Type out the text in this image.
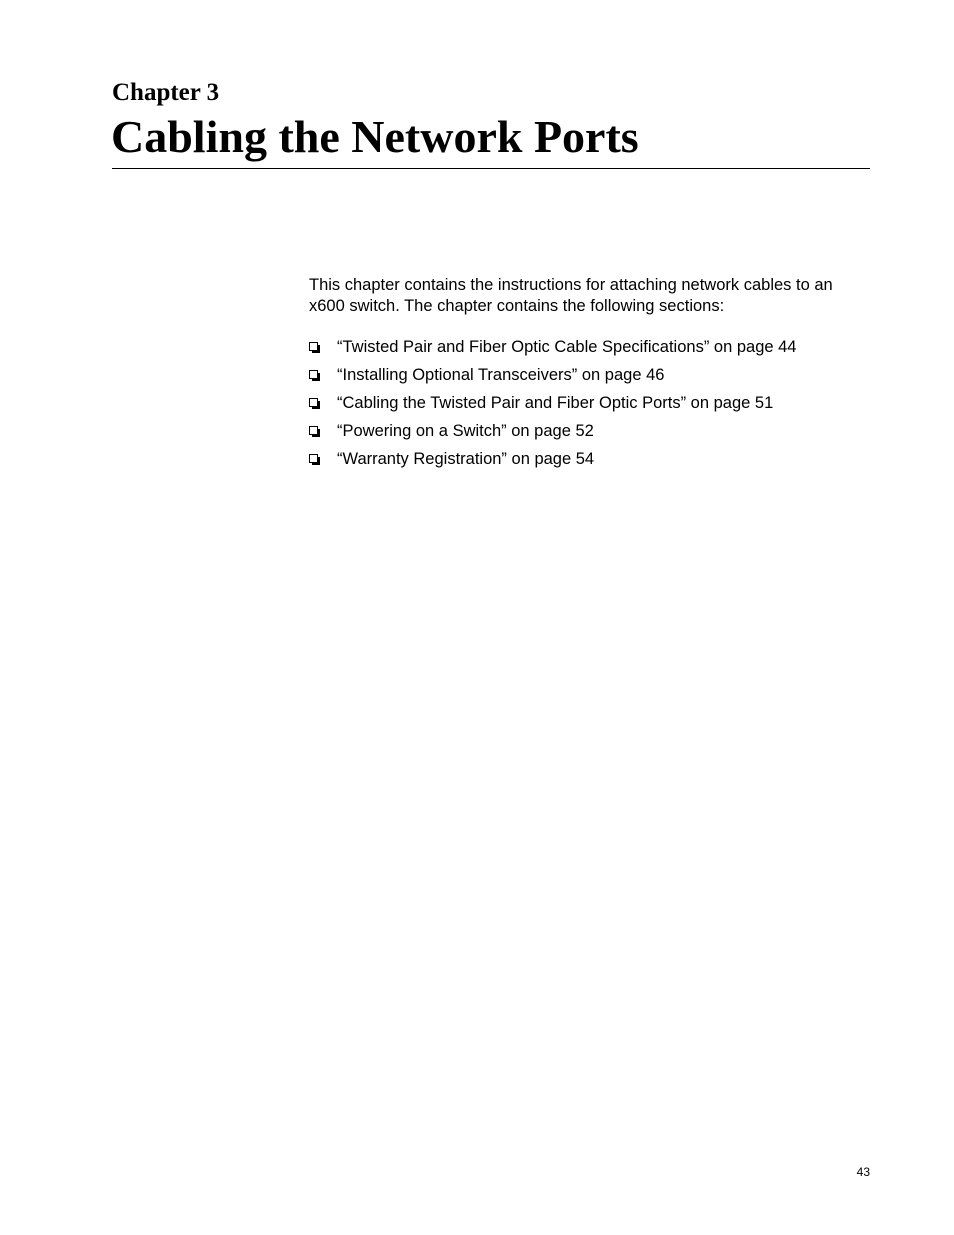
Chapter 3
Cabling the Network Ports

This chapter contains the instructions for attaching network cables to an x600 switch. The chapter contains the following sections:

“Twisted Pair and Fiber Optic Cable Specifications” on page 44
“Installing Optional Transceivers” on page 46
“Cabling the Twisted Pair and Fiber Optic Ports” on page 51
“Powering on a Switch” on page 52
“Warranty Registration” on page 54
43
